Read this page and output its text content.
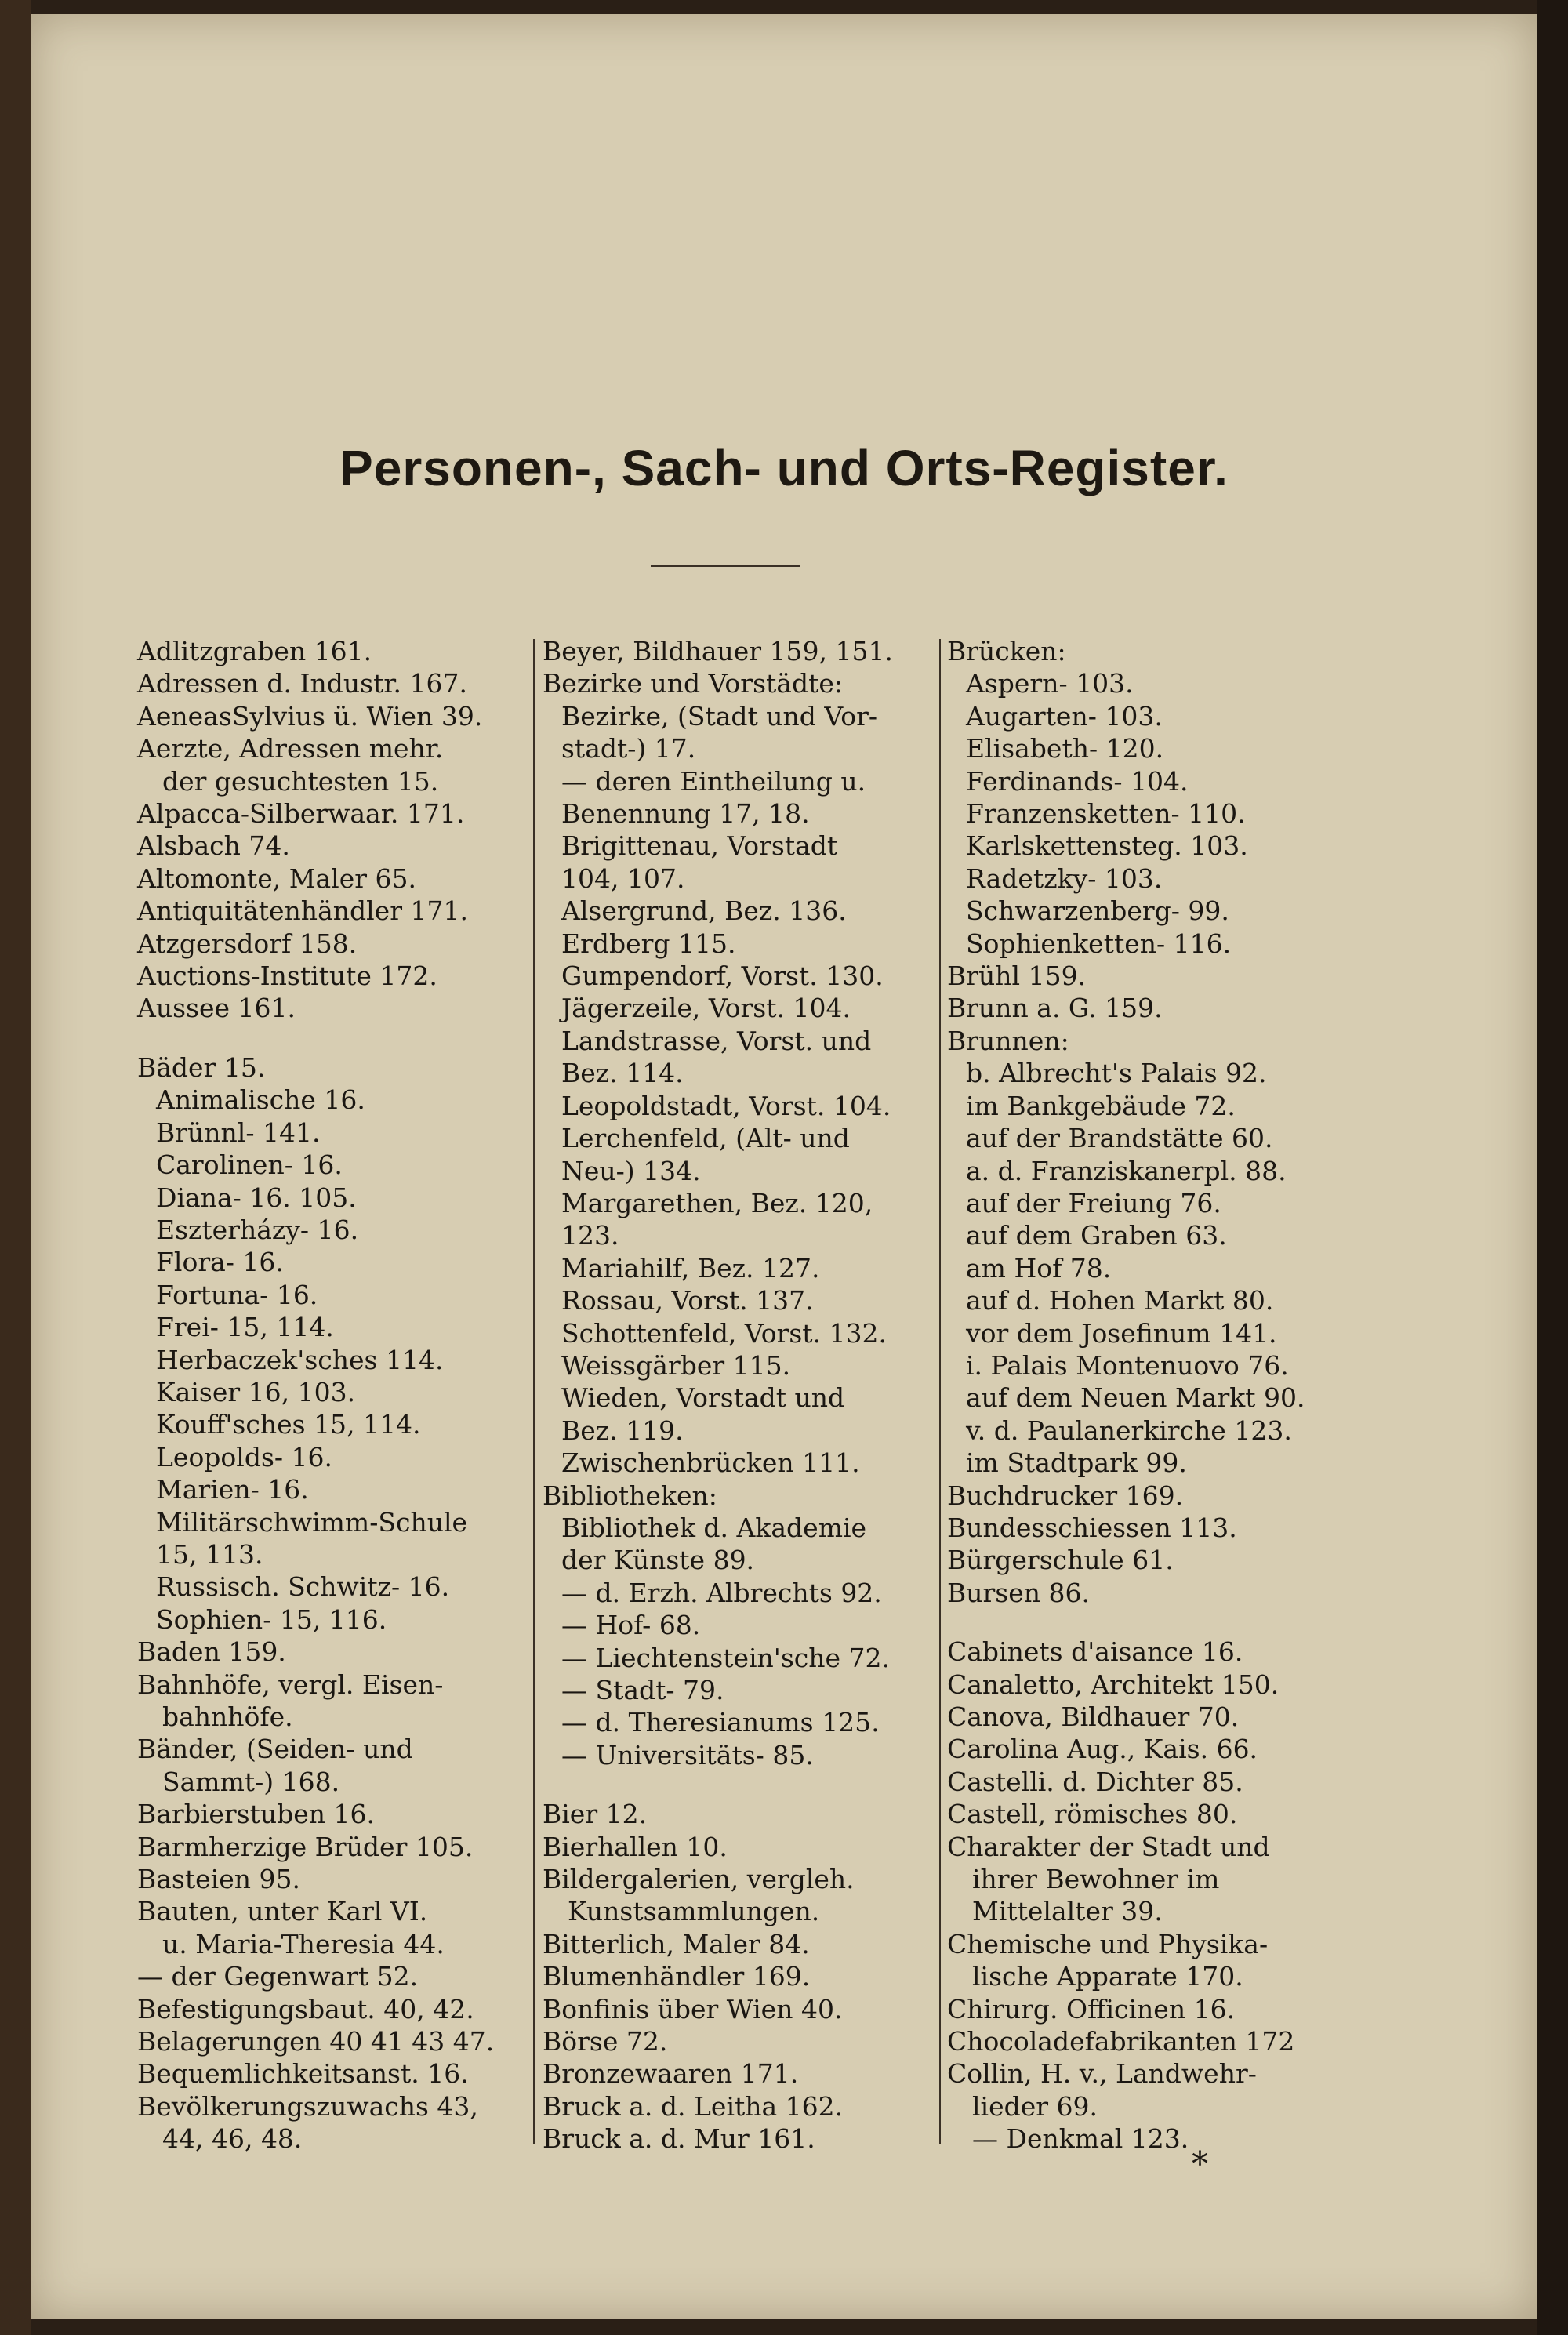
Personen-, Sach- und Orts-Register.
Adlitzgraben 161.
Adressen d. Industr. 167.
AeneasSylvius ü. Wien 39.
Aerzte, Adressen mehr.
der gesuchtesten 15.
Alpacca-Silberwaar. 171.
Alsbach 74.
Altomonte, Maler 65.
Antiquitätenhändler 171.
Atzgersdorf 158.
Auctions-Institute 172.
Aussee 161.
Bäder 15.
Animalische 16.
Brünnl- 141.
Carolinen- 16.
Diana- 16. 105.
Eszterházy- 16.
Flora- 16.
Fortuna- 16.
Frei- 15, 114.
Herbaczek'sches 114.
Kaiser 16, 103.
Kouff'sches 15, 114.
Leopolds- 16.
Marien- 16.
Militärschwimm-Schule
15, 113.
Russisch. Schwitz- 16.
Sophien- 15, 116.
Baden 159.
Bahnhöfe, vergl. Eisen-
bahnhöfe.
Bänder, (Seiden- und
Sammt-) 168.
Barbierstuben 16.
Barmherzige Brüder 105.
Basteien 95.
Bauten, unter Karl VI.
u. Maria-Theresia 44.
— der Gegenwart 52.
Befestigungsbaut. 40, 42.
Belagerungen 40 41 43 47.
Bequemlichkeitsanst. 16.
Bevölkerungszuwachs 43,
44, 46, 48.
Beyer, Bildhauer 159, 151.
Bezirke und Vorstädte:
Bezirke, (Stadt und Vor-
stadt-) 17.
— deren Eintheilung u.
Benennung 17, 18.
Brigittenau, Vorstadt
104, 107.
Alsergrund, Bez. 136.
Erdberg 115.
Gumpendorf, Vorst. 130.
Jägerzeile, Vorst. 104.
Landstrasse, Vorst. und
Bez. 114.
Leopoldstadt, Vorst. 104.
Lerchenfeld, (Alt- und
Neu-) 134.
Margarethen, Bez. 120,
123.
Mariahilf, Bez. 127.
Rossau, Vorst. 137.
Schottenfeld, Vorst. 132.
Weissgärber 115.
Wieden, Vorstadt und
Bez. 119.
Zwischenbrücken 111.
Bibliotheken:
Bibliothek d. Akademie
der Künste 89.
— d. Erzh. Albrechts 92.
— Hof- 68.
— Liechtenstein'sche 72.
— Stadt- 79.
— d. Theresianums 125.
— Universitäts- 85.
Bier 12.
Bierhallen 10.
Bildergalerien, vergleh.
Kunstsammlungen.
Bitterlich, Maler 84.
Blumenhändler 169.
Bonfinis über Wien 40.
Börse 72.
Bronzewaaren 171.
Bruck a. d. Leitha 162.
Bruck a. d. Mur 161.
Brücken:
Aspern- 103.
Augarten- 103.
Elisabeth- 120.
Ferdinands- 104.
Franzensketten- 110.
Karlskettensteg. 103.
Radetzky- 103.
Schwarzenberg- 99.
Sophienketten- 116.
Brühl 159.
Brunn a. G. 159.
Brunnen:
b. Albrecht's Palais 92.
im Bankgebäude 72.
auf der Brandstätte 60.
a. d. Franziskanerpl. 88.
auf der Freiung 76.
auf dem Graben 63.
am Hof 78.
auf d. Hohen Markt 80.
vor dem Josefinum 141.
i. Palais Montenuovo 76.
auf dem Neuen Markt 90.
v. d. Paulanerkirche 123.
im Stadtpark 99.
Buchdrucker 169.
Bundesschiessen 113.
Bürgerschule 61.
Bursen 86.
Cabinets d'aisance 16.
Canaletto, Architekt 150.
Canova, Bildhauer 70.
Carolina Aug., Kais. 66.
Castelli. d. Dichter 85.
Castell, römisches 80.
Charakter der Stadt und
ihrer Bewohner im
Mittelalter 39.
Chemische und Physika-
lische Apparate 170.
Chirurg. Officinen 16.
Chocoladefabrikanten 172
Collin, H. v., Landwehr-
lieder 69.
— Denkmal 123.
*
